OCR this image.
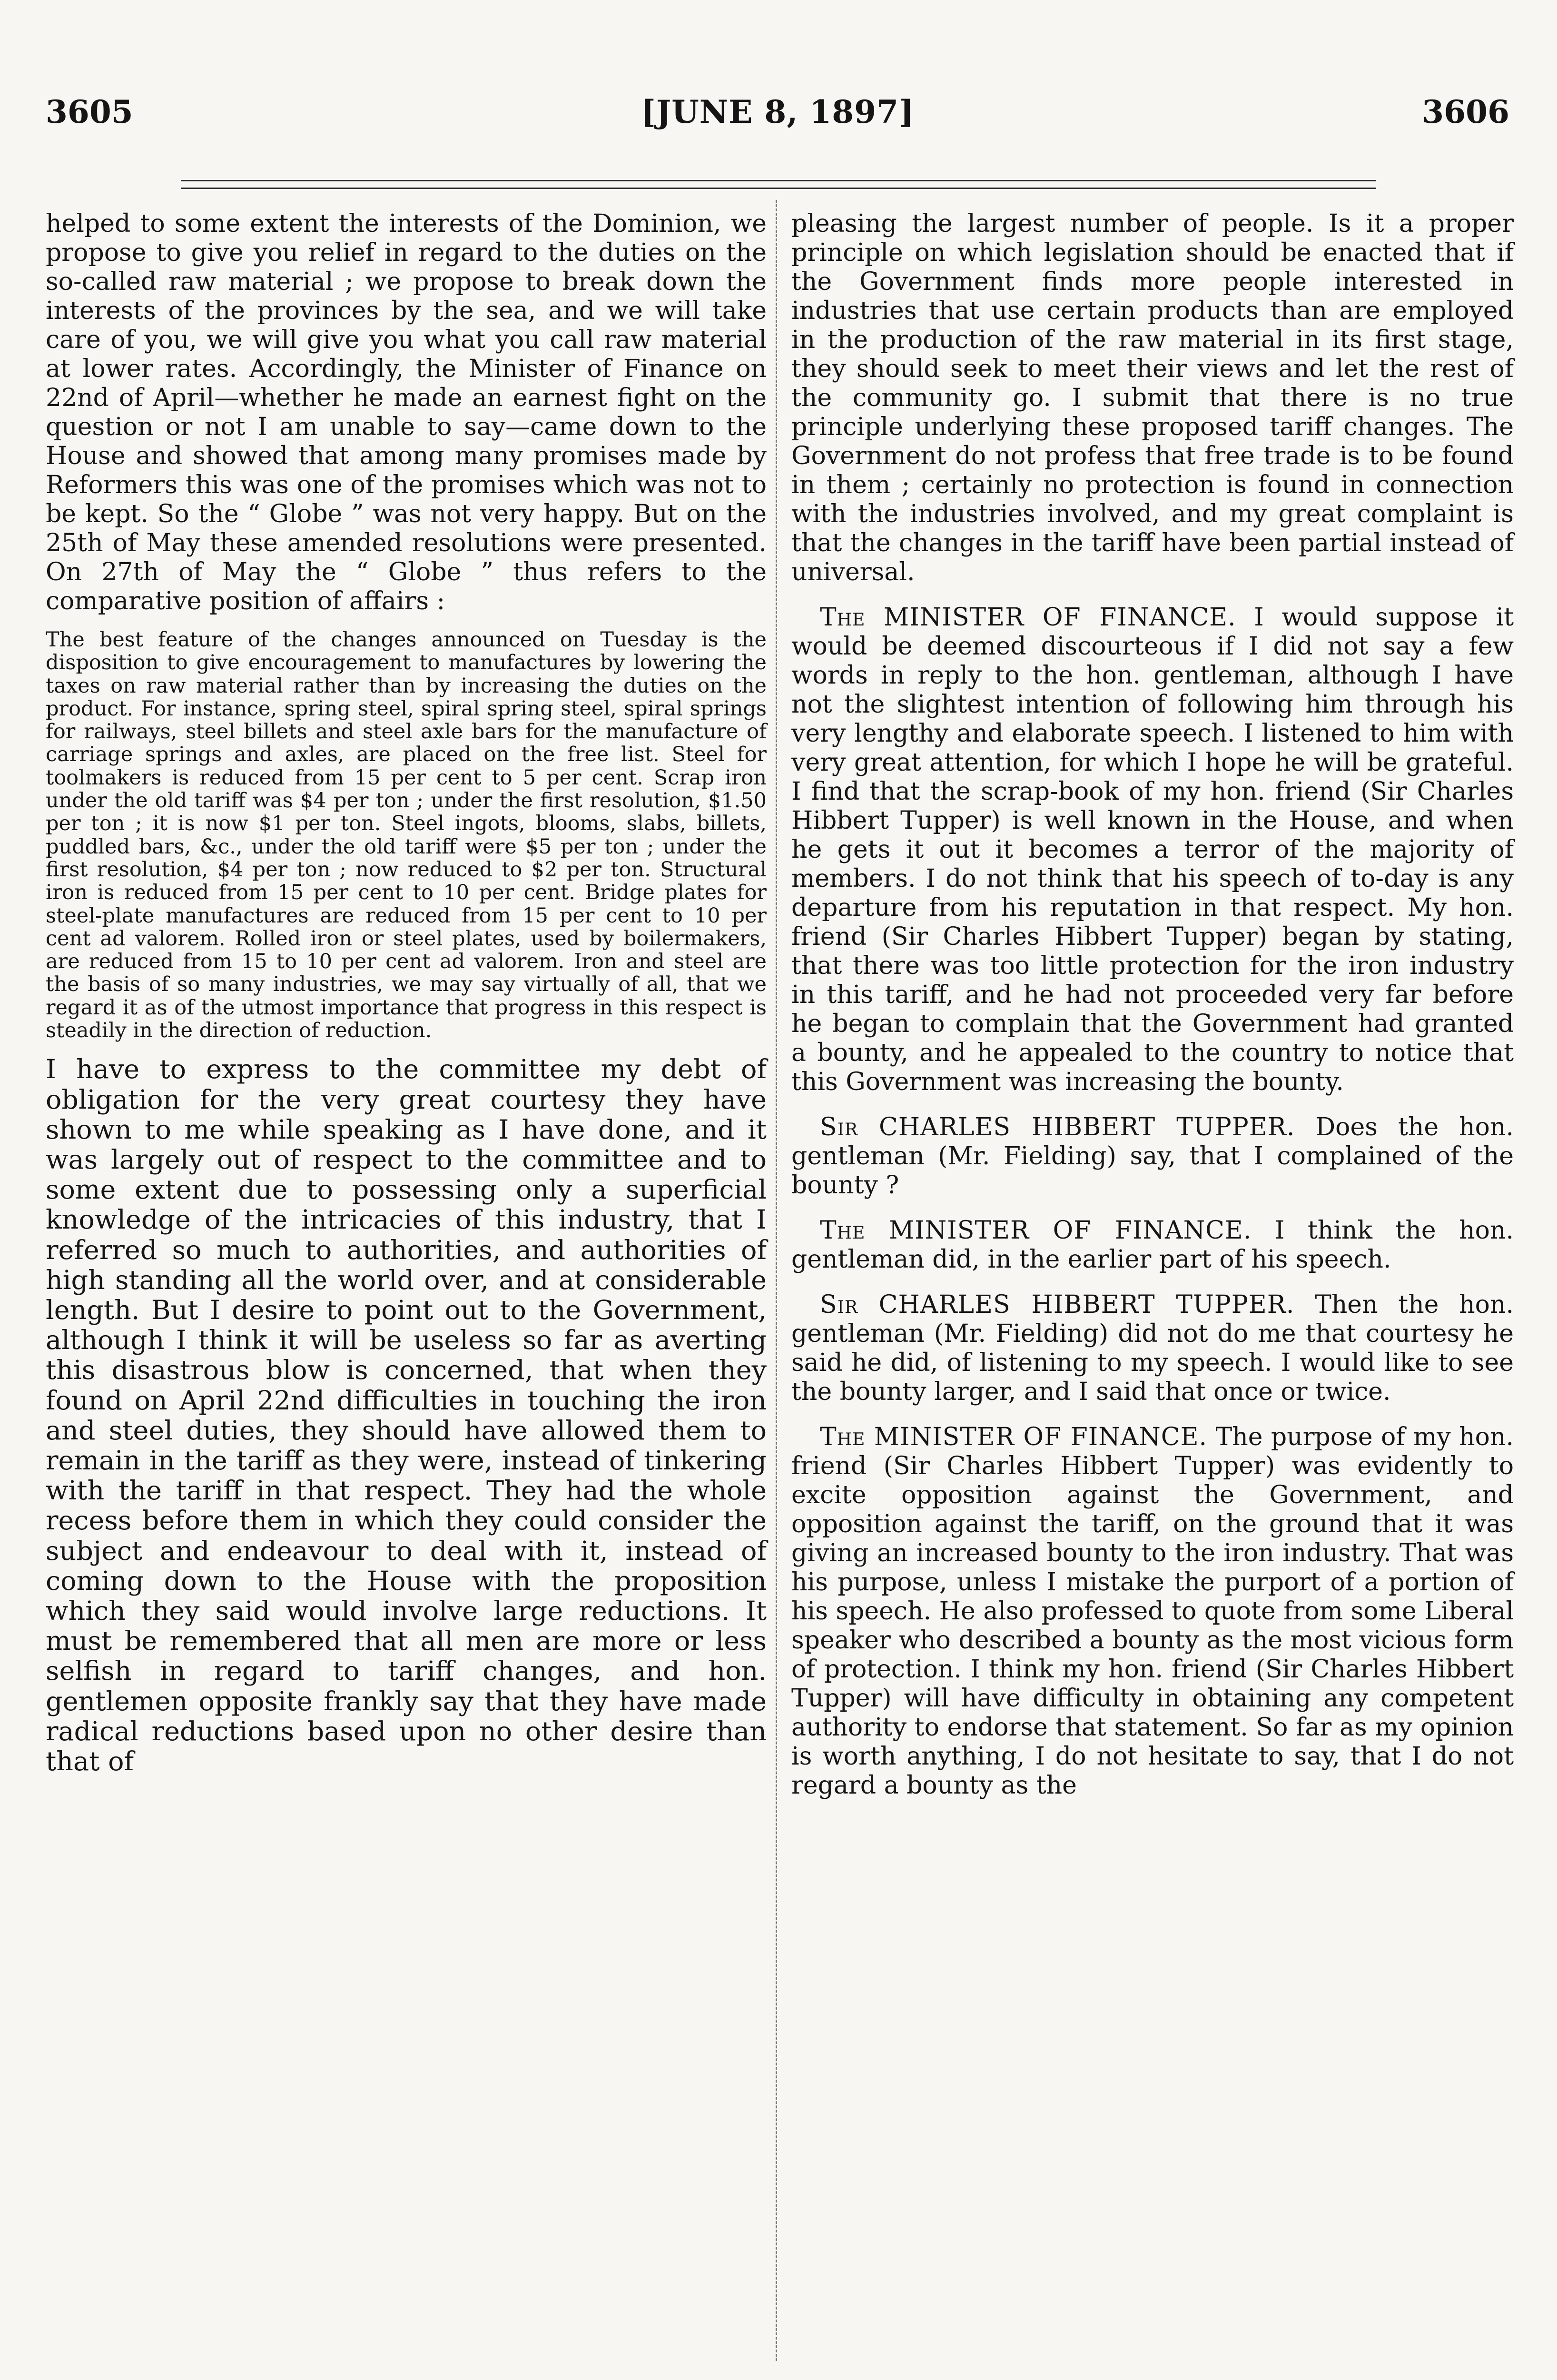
3605	[JUNE 8, 1897]	3606

helped to some extent the interests of the Dominion, we propose to give you relief in regard to the duties on the so-called raw material ; we propose to break down the interests of the provinces by the sea, and we will take care of you, we will give you what you call raw material at lower rates. Accordingly, the Minister of Finance on 22nd of April—whether he made an earnest fight on the question or not I am unable to say—came down to the House and showed that among many promises made by Reformers this was one of the promises which was not to be kept. So the “ Globe ” was not very happy. But on the 25th of May these amended resolutions were presented. On 27th of May the “ Globe ” thus refers to the comparative position of affairs :

The best feature of the changes announced on Tuesday is the disposition to give encouragement to manufactures by lowering the taxes on raw material rather than by increasing the duties on the product. For instance, spring steel, spiral spring steel, spiral springs for railways, steel billets and steel axle bars for the manufacture of carriage springs and axles, are placed on the free list. Steel for toolmakers is reduced from 15 per cent to 5 per cent. Scrap iron under the old tariff was $4 per ton ; under the first resolution, $1.50 per ton ; it is now $1 per ton. Steel ingots, blooms, slabs, billets, puddled bars, &c., under the old tariff were $5 per ton ; under the first resolution, $4 per ton ; now reduced to $2 per ton. Structural iron is reduced from 15 per cent to 10 per cent. Bridge plates for steel-plate manufactures are reduced from 15 per cent to 10 per cent ad valorem. Rolled iron or steel plates, used by boilermakers, are reduced from 15 to 10 per cent ad valorem. Iron and steel are the basis of so many industries, we may say virtually of all, that we regard it as of the utmost importance that progress in this respect is steadily in the direction of reduction.

I have to express to the committee my debt of obligation for the very great courtesy they have shown to me while speaking as I have done, and it was largely out of respect to the committee and to some extent due to possessing only a superficial knowledge of the intricacies of this industry, that I referred so much to authorities, and authorities of high standing all the world over, and at considerable length. But I desire to point out to the Government, although I think it will be useless so far as averting this disastrous blow is concerned, that when they found on April 22nd difficulties in touching the iron and steel duties, they should have allowed them to remain in the tariff as they were, instead of tinkering with the tariff in that respect. They had the whole recess before them in which they could consider the subject and endeavour to deal with it, instead of coming down to the House with the proposition which they said would involve large reductions. It must be remembered that all men are more or less selfish in regard to tariff changes, and hon. gentlemen opposite frankly say that they have made radical reductions based upon no other desire than that of

pleasing the largest number of people. Is it a proper principle on which legislation should be enacted that if the Government finds more people interested in industries that use certain products than are employed in the production of the raw material in its first stage, they should seek to meet their views and let the rest of the community go. I submit that there is no true principle underlying these proposed tariff changes. The Government do not profess that free trade is to be found in them ; certainly no protection is found in connection with the industries involved, and my great complaint is that the changes in the tariff have been partial instead of universal.

The MINISTER OF FINANCE. I would suppose it would be deemed discourteous if I did not say a few words in reply to the hon. gentleman, although I have not the slightest intention of following him through his very lengthy and elaborate speech. I listened to him with very great attention, for which I hope he will be grateful. I find that the scrap-book of my hon. friend (Sir Charles Hibbert Tupper) is well known in the House, and when he gets it out it becomes a terror of the majority of members. I do not think that his speech of to-day is any departure from his reputation in that respect. My hon. friend (Sir Charles Hibbert Tupper) began by stating, that there was too little protection for the iron industry in this tariff, and he had not proceeded very far before he began to complain that the Government had granted a bounty, and he appealed to the country to notice that this Government was increasing the bounty.

Sir CHARLES HIBBERT TUPPER. Does the hon. gentleman (Mr. Fielding) say, that I complained of the bounty ?

The MINISTER OF FINANCE. I think the hon. gentleman did, in the earlier part of his speech.

Sir CHARLES HIBBERT TUPPER. Then the hon. gentleman (Mr. Fielding) did not do me that courtesy he said he did, of listening to my speech. I would like to see the bounty larger, and I said that once or twice.

The MINISTER OF FINANCE. The purpose of my hon. friend (Sir Charles Hibbert Tupper) was evidently to excite opposition against the Government, and opposition against the tariff, on the ground that it was giving an increased bounty to the iron industry. That was his purpose, unless I mistake the purport of a portion of his speech. He also professed to quote from some Liberal speaker who described a bounty as the most vicious form of protection. I think my hon. friend (Sir Charles Hibbert Tupper) will have difficulty in obtaining any competent authority to endorse that statement. So far as my opinion is worth anything, I do not hesitate to say, that I do not regard a bounty as the
